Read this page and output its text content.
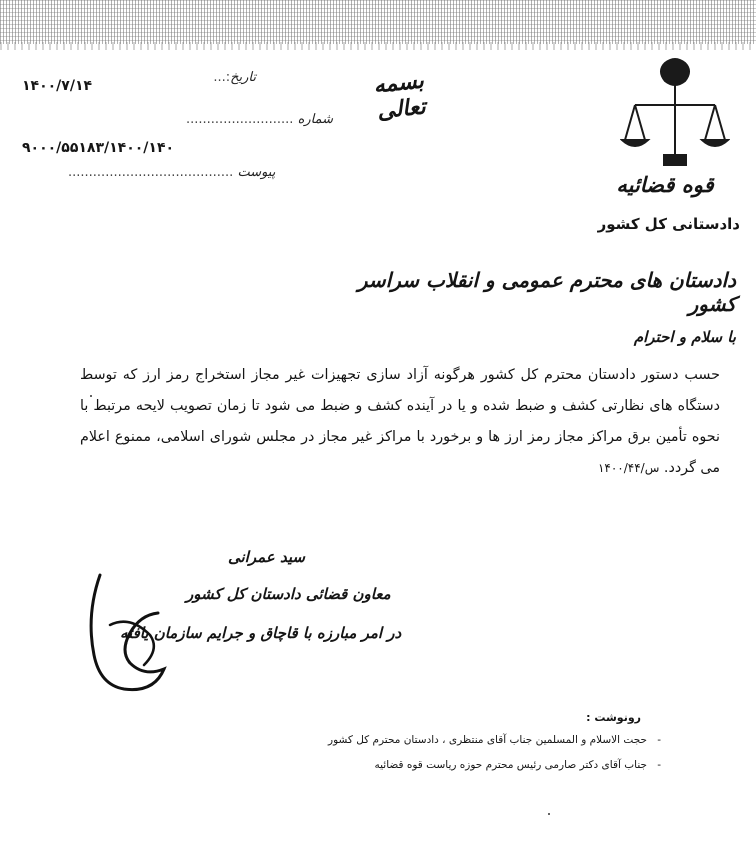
۱۴۰۰/۷/۱۴
تاریخ:...
.......................... شماره
۹۰۰۰/۵۵۱۸۳/۱۴۰۰/۱۴۰
........................................ پیوست
بسمه تعالی
قوه قضائیه
دادستانی کل کشور
دادستان های محترم عمومی و انقلاب سراسر کشور
با سلام و احترام
حسب دستور دادستان محترم کل کشور هرگونه آزاد سازی تجهیزات غیر مجاز استخراج رمز ارز که توسط دستگاه های نظارتی کشف و ضبط شده و یا در آینده کشف و ضبط می شود تا زمان تصویب لایحه مرتبط با نحوه تأمین برق مراکز مجاز رمز ارز ها و برخورد با مراکز غیر مجاز در مجلس شورای اسلامی، ممنوع اعلام می گردد. س/۱۴۰۰/۴۴
سید عمرانی
معاون قضائی دادستان کل کشور
در امر مبارزه با قاچاق و جرایم سازمان یافته
رونوشت :
- حجت الاسلام و المسلمین جناب آقای منتظری ، دادستان محترم کل کشور
- جناب آقای دکتر صارمی رئیس محترم حوزه ریاست قوه قضائیه
